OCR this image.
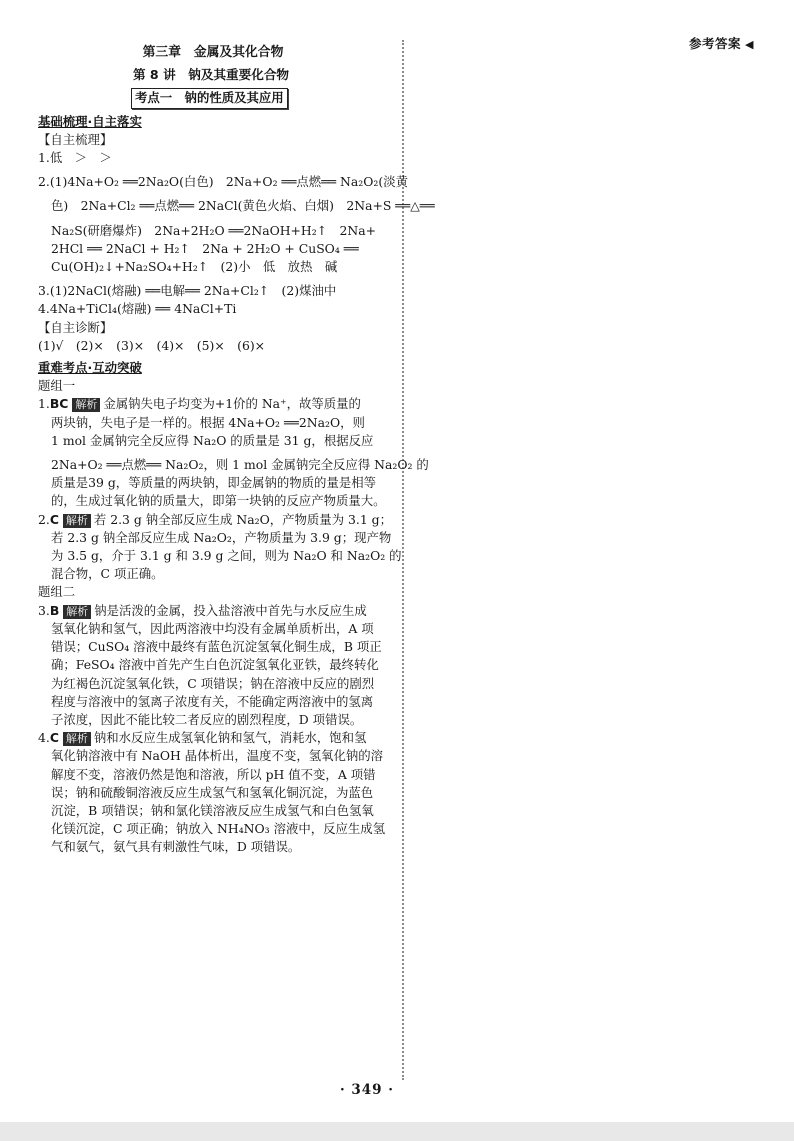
参考答案 ◀
第三章　金属及其化合物
第 8 讲　钠及其重要化合物
考点一　钠的性质及其应用
基础梳理·自主落实
【自主梳理】
1.低　＞　＞
2.(1)4Na+O₂ ══2Na₂O(白色)　2Na+O₂ ══点燃══ Na₂O₂(淡黄
色)　2Na+Cl₂ ══点燃══ 2NaCl(黄色火焰、白烟)　2Na+S ══△══
Na₂S(研磨爆炸)　2Na+2H₂O ══2NaOH+H₂↑　2Na+
2HCl ══ 2NaCl + H₂↑　2Na + 2H₂O + CuSO₄ ══
Cu(OH)₂↓+Na₂SO₄+H₂↑　(2)小　低　放热　碱
3.(1)2NaCl(熔融) ══电解══ 2Na+Cl₂↑　(2)煤油中
4.4Na+TiCl₄(熔融) ══ 4NaCl+Ti
【自主诊断】
(1)√　(2)×　(3)×　(4)×　(5)×　(6)×
重难考点·互动突破
题组一
1.BC 解析 金属钠失电子均变为+1价的 Na⁺，故等质量的
两块钠，失电子是一样的。根据 4Na+O₂ ══2Na₂O，则
1 mol 金属钠完全反应得 Na₂O 的质量是 31 g，根据反应
2Na+O₂ ══点燃══ Na₂O₂，则 1 mol 金属钠完全反应得 Na₂O₂ 的
质量是39 g，等质量的两块钠，即金属钠的物质的量是相等
的，生成过氧化钠的质量大，即第一块钠的反应产物质量大。
2.C 解析 若 2.3 g 钠全部反应生成 Na₂O，产物质量为 3.1 g；
若 2.3 g 钠全部反应生成 Na₂O₂，产物质量为 3.9 g；现产物
为 3.5 g，介于 3.1 g 和 3.9 g 之间，则为 Na₂O 和 Na₂O₂ 的
混合物，C 项正确。
题组二
3.B 解析 钠是活泼的金属，投入盐溶液中首先与水反应生成
氢氧化钠和氢气，因此两溶液中均没有金属单质析出，A 项
错误；CuSO₄ 溶液中最终有蓝色沉淀氢氧化铜生成，B 项正
确；FeSO₄ 溶液中首先产生白色沉淀氢氧化亚铁，最终转化
为红褐色沉淀氢氧化铁，C 项错误；钠在溶液中反应的剧烈
程度与溶液中的氢离子浓度有关，不能确定两溶液中的氢离
子浓度，因此不能比较二者反应的剧烈程度，D 项错误。
4.C 解析 钠和水反应生成氢氧化钠和氢气，消耗水，饱和氢
氧化钠溶液中有 NaOH 晶体析出，温度不变，氢氧化钠的溶
解度不变，溶液仍然是饱和溶液，所以 pH 值不变，A 项错
误；钠和硫酸铜溶液反应生成氢气和氢氧化铜沉淀，为蓝色
沉淀，B 项错误；钠和氯化镁溶液反应生成氢气和白色氢氧
化镁沉淀，C 项正确；钠放入 NH₄NO₃ 溶液中，反应生成氢
气和氨气，氨气具有刺激性气味，D 项错误。
· 349 ·
